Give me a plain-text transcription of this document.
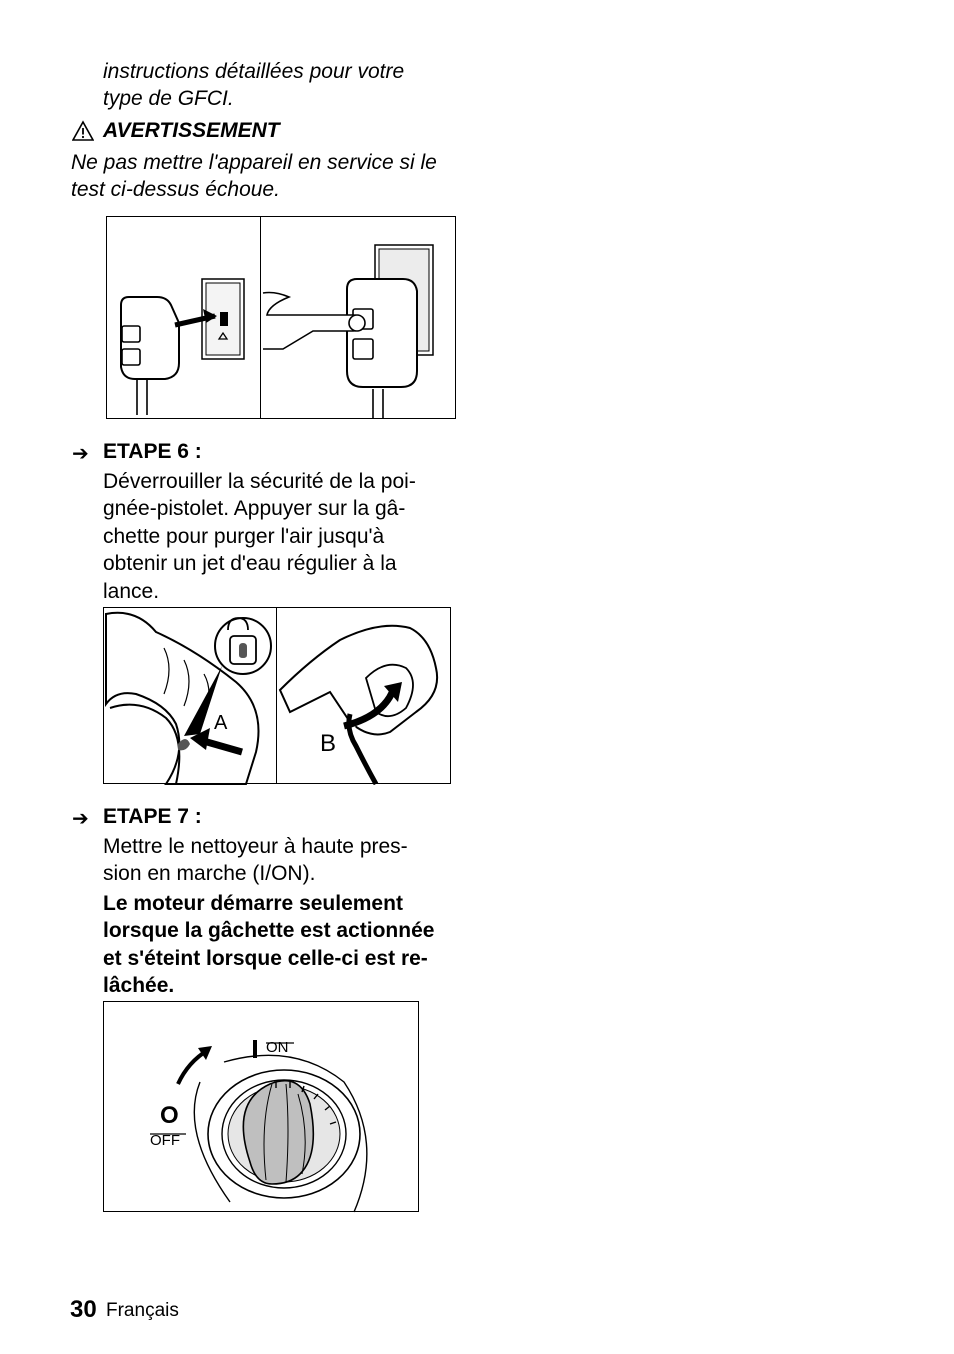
instructions détaillées pour votre

type de GFCI.

AVERTISSEMENT

Ne pas mettre l'appareil en service si le

test ci-dessus échoue.

➔ ETAPE 6 :

Déverrouiller la sécurité de la poi-

gnée-pistolet. Appuyer sur la gâ-

chette pour purger l'air jusqu'à

obtenir un jet d'eau régulier à la

lance.

A
B
➔ ETAPE 7 :

Mettre le nettoyeur à haute pres-

sion en marche (I/ON).

Le moteur démarre seulement

lorsque la gâchette est actionnée

et s'éteint lorsque celle-ci est re-

lâchée.

ON
O
OFF
30 Français
